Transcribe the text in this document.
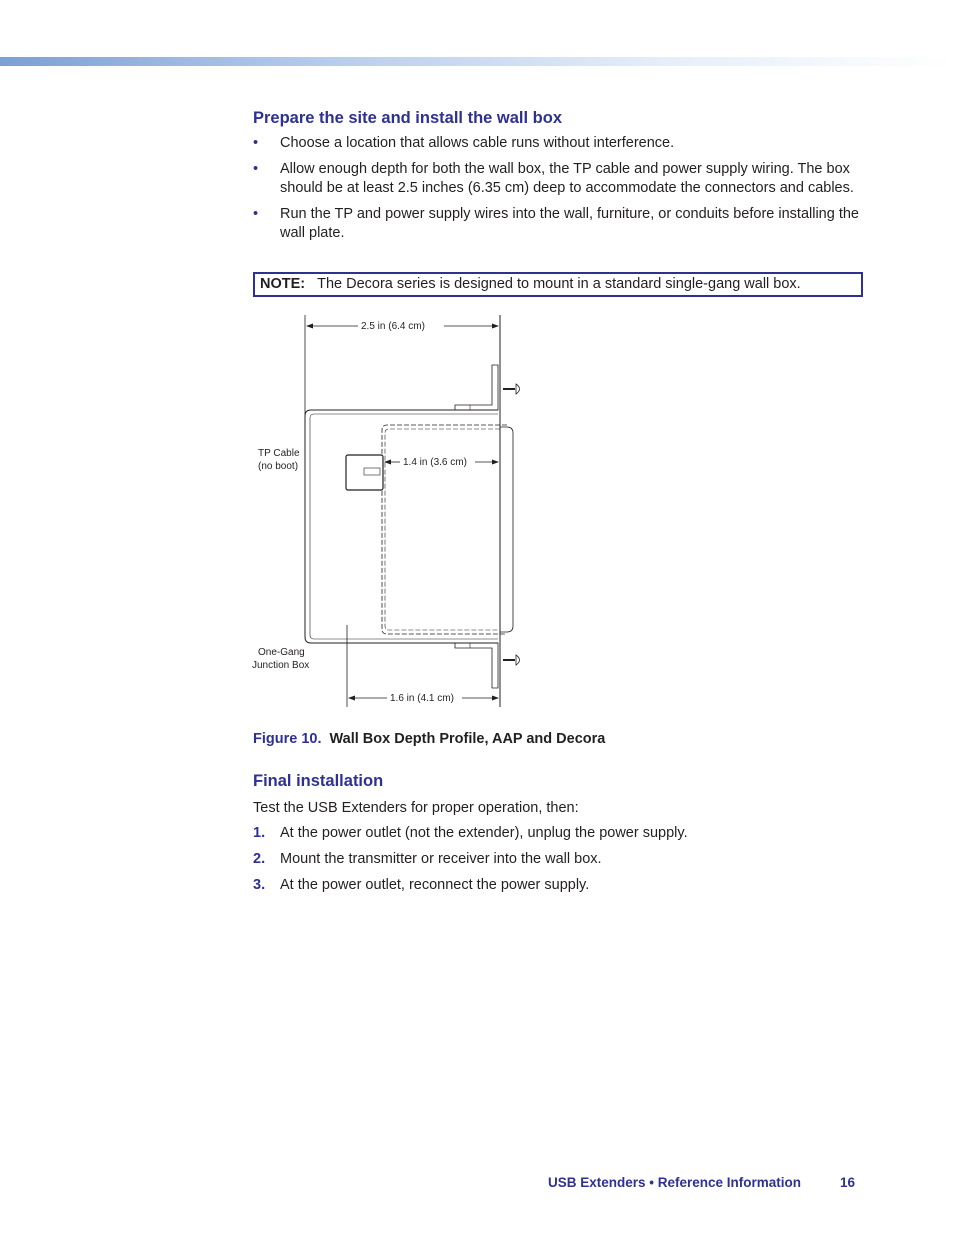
Prepare the site and install the wall box
• Choose a location that allows cable runs without interference.
• Allow enough depth for both the wall box, the TP cable and power supply wiring. The box should be at least 2.5 inches (6.35 cm) deep to accommodate the connectors and cables.
• Run the TP and power supply wires into the wall, furniture, or conduits before installing the wall plate.
NOTE: The Decora series is designed to mount in a standard single-gang wall box.
2.5 in (6.4 cm)
TP Cable
(no boot)	1.4 in (3.6 cm)
1.6 in (4.1 cm)
One-Gang
Junction Box
Figure 10. Wall Box Depth Profile, AAP and Decora
Final installation
Test the USB Extenders for proper operation, then:
1. At the power outlet (not the extender), unplug the power supply.
2. Mount the transmitter or receiver into the wall box.
3. At the power outlet, reconnect the power supply.
USB Extenders • Reference Information	16
